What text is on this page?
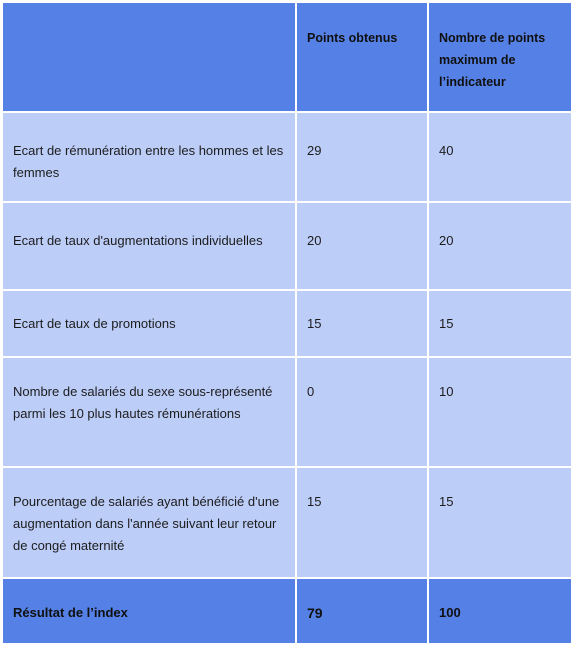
	Points obtenus	Nombre de points maximum de l’indicateur

Ecart de rémunération entre les hommes et les femmes	29	40

Ecart de taux d'augmentations individuelles	20	20

Ecart de taux de promotions	15	15

Nombre de salariés du sexe sous-représenté parmi les 10 plus hautes rémunérations	0	10

Pourcentage de salariés ayant bénéficié d'une augmentation dans l'année suivant leur retour de congé maternité	15	15

Résultat de l’index	79	100
